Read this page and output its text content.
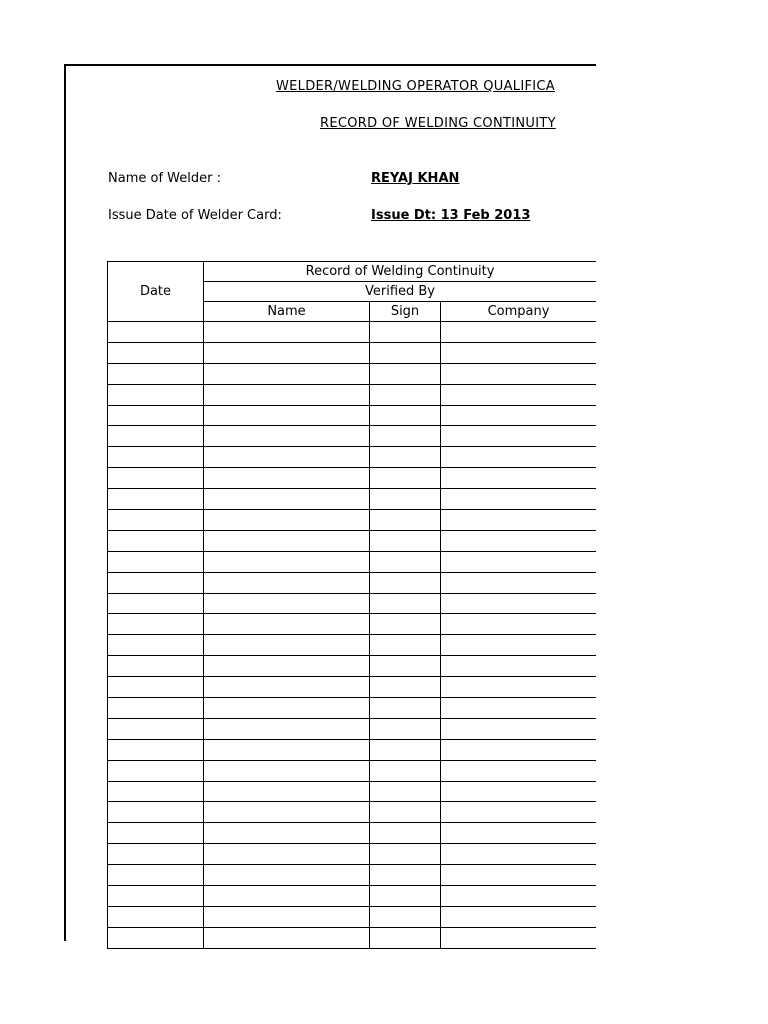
WELDER/WELDING OPERATOR QUALIFICA
RECORD OF WELDING CONTINUITY
Name of Welder :	REYAJ KHAN
Issue Date of Welder Card:	Issue Dt: 13 Feb 2013
Date	Record of Welding Continuity		
	Verified By		
	Name	Sign	Company
